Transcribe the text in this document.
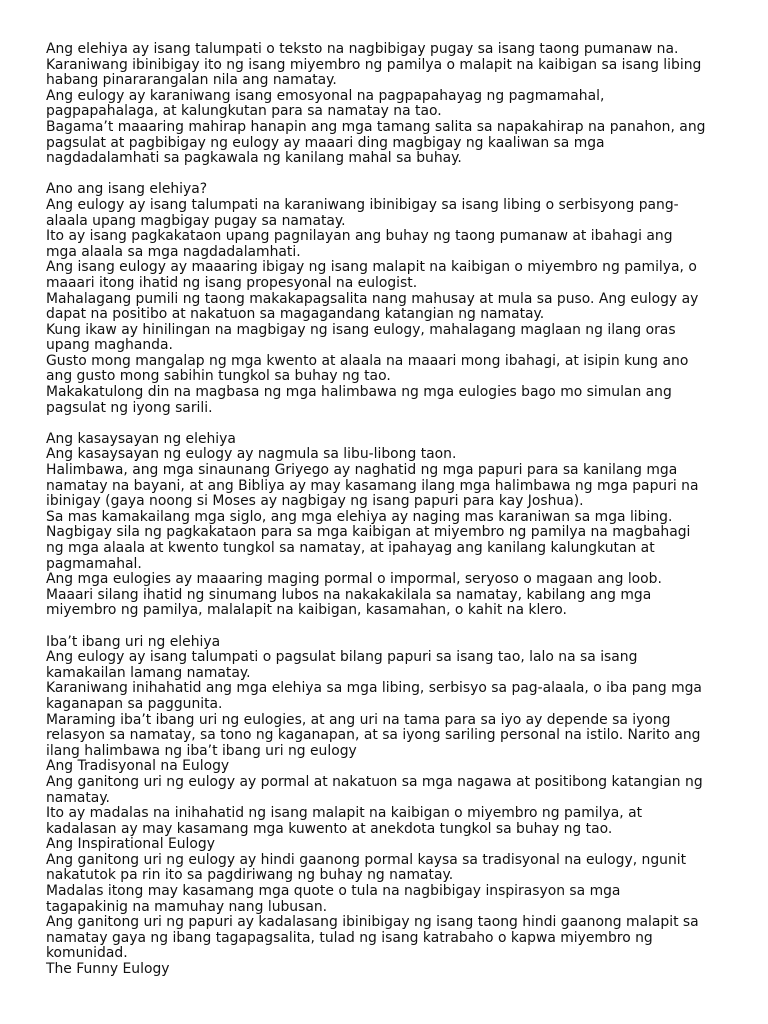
Ang elehiya ay isang talumpati o teksto na nagbibigay pugay sa isang taong pumanaw na.
Karaniwang ibinibigay ito ng isang miyembro ng pamilya o malapit na kaibigan sa isang libing
habang pinararangalan nila ang namatay.
Ang eulogy ay karaniwang isang emosyonal na pagpapahayag ng pagmamahal,
pagpapahalaga, at kalungkutan para sa namatay na tao.
Bagama’t maaaring mahirap hanapin ang mga tamang salita sa napakahirap na panahon, ang
pagsulat at pagbibigay ng eulogy ay maaari ding magbigay ng kaaliwan sa mga
nagdadalamhati sa pagkawala ng kanilang mahal sa buhay.
Ano ang isang elehiya?
Ang eulogy ay isang talumpati na karaniwang ibinibigay sa isang libing o serbisyong pang-
alaala upang magbigay pugay sa namatay.
Ito ay isang pagkakataon upang pagnilayan ang buhay ng taong pumanaw at ibahagi ang
mga alaala sa mga nagdadalamhati.
Ang isang eulogy ay maaaring ibigay ng isang malapit na kaibigan o miyembro ng pamilya, o
maaari itong ihatid ng isang propesyonal na eulogist.
Mahalagang pumili ng taong makakapagsalita nang mahusay at mula sa puso. Ang eulogy ay
dapat na positibo at nakatuon sa magagandang katangian ng namatay.
Kung ikaw ay hinilingan na magbigay ng isang eulogy, mahalagang maglaan ng ilang oras
upang maghanda.
Gusto mong mangalap ng mga kwento at alaala na maaari mong ibahagi, at isipin kung ano
ang gusto mong sabihin tungkol sa buhay ng tao.
Makakatulong din na magbasa ng mga halimbawa ng mga eulogies bago mo simulan ang
pagsulat ng iyong sarili.
Ang kasaysayan ng elehiya
Ang kasaysayan ng eulogy ay nagmula sa libu-libong taon.
Halimbawa, ang mga sinaunang Griyego ay naghatid ng mga papuri para sa kanilang mga
namatay na bayani, at ang Bibliya ay may kasamang ilang mga halimbawa ng mga papuri na
ibinigay (gaya noong si Moses ay nagbigay ng isang papuri para kay Joshua).
Sa mas kamakailang mga siglo, ang mga elehiya ay naging mas karaniwan sa mga libing.
Nagbigay sila ng pagkakataon para sa mga kaibigan at miyembro ng pamilya na magbahagi
ng mga alaala at kwento tungkol sa namatay, at ipahayag ang kanilang kalungkutan at
pagmamahal.
Ang mga eulogies ay maaaring maging pormal o impormal, seryoso o magaan ang loob.
Maaari silang ihatid ng sinumang lubos na nakakakilala sa namatay, kabilang ang mga
miyembro ng pamilya, malalapit na kaibigan, kasamahan, o kahit na klero.
Iba’t ibang uri ng elehiya
Ang eulogy ay isang talumpati o pagsulat bilang papuri sa isang tao, lalo na sa isang
kamakailan lamang namatay.
Karaniwang inihahatid ang mga elehiya sa mga libing, serbisyo sa pag-alaala, o iba pang mga
kaganapan sa paggunita.
Maraming iba’t ibang uri ng eulogies, at ang uri na tama para sa iyo ay depende sa iyong
relasyon sa namatay, sa tono ng kaganapan, at sa iyong sariling personal na istilo. Narito ang
ilang halimbawa ng iba’t ibang uri ng eulogy
Ang Tradisyonal na Eulogy
Ang ganitong uri ng eulogy ay pormal at nakatuon sa mga nagawa at positibong katangian ng
namatay.
Ito ay madalas na inihahatid ng isang malapit na kaibigan o miyembro ng pamilya, at
kadalasan ay may kasamang mga kuwento at anekdota tungkol sa buhay ng tao.
Ang Inspirational Eulogy
Ang ganitong uri ng eulogy ay hindi gaanong pormal kaysa sa tradisyonal na eulogy, ngunit
nakatutok pa rin ito sa pagdiriwang ng buhay ng namatay.
Madalas itong may kasamang mga quote o tula na nagbibigay inspirasyon sa mga
tagapakinig na mamuhay nang lubusan.
Ang ganitong uri ng papuri ay kadalasang ibinibigay ng isang taong hindi gaanong malapit sa
namatay gaya ng ibang tagapagsalita, tulad ng isang katrabaho o kapwa miyembro ng
komunidad.
The Funny Eulogy
